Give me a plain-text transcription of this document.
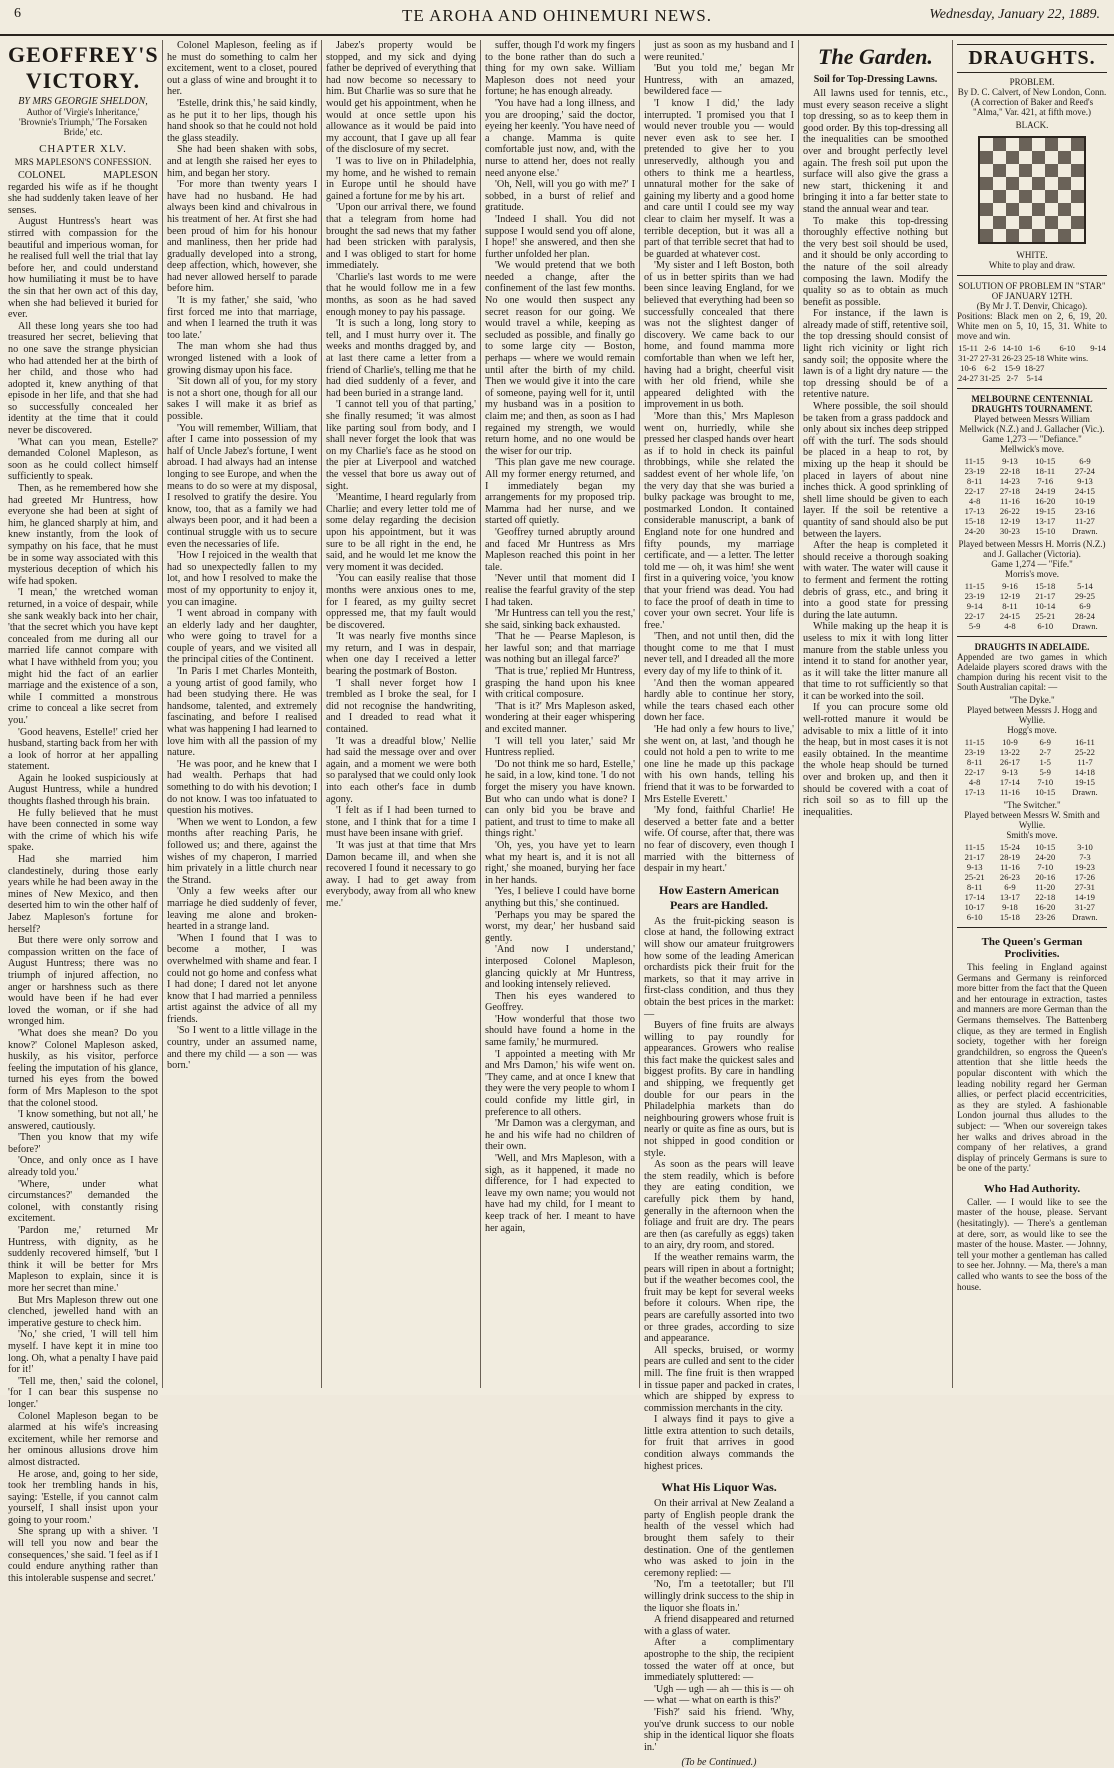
6	TE AROHA AND OHINEMURI NEWS.	Wednesday, January 22, 1889.
GEOFFREY'S VICTORY.
BY MRS GEORGIE SHELDON,
Author of 'Virgie's Inheritance,' 'Brownie's Triumph,' 'The Forsaken Bride,' etc.
CHAPTER XLV.
MRS MAPLESON'S CONFESSION.

COLONEL MAPLESON regarded his wife as if he thought she had suddenly taken leave of her senses.

August Huntress's heart was stirred with compassion for the beautiful and imperious woman, for he realised full well the trial that lay before her, and could understand how humiliating it must be to have the sin that her own act of this day, when she had believed it buried for ever.

All these long years she too had treasured her secret, believing that no one save the strange physician who had attended her at the birth of her child, and those who had adopted it, knew anything of that episode in her life, and that she had so successfully concealed her identity at the time that it could never be discovered.

'What can you mean, Estelle?' demanded Colonel Mapleson, as soon as he could collect himself sufficiently to speak.

Then, as he remembered how she had greeted Mr Huntress, how everyone she had been at sight of him, he glanced sharply at him, and knew instantly, from the look of sympathy on his face, that he must be in some way associated with this mysterious deception of which his wife had spoken.

'I mean,' the wretched woman returned, in a voice of despair, while she sank weakly back into her chair, 'that the secret which you have kept concealed from me during all our married life cannot compare with what I have withheld from you; you might hid the fact of an earlier marriage and the existence of a son, while I committed a monstrous crime to conceal a like secret from you.'

'Good heavens, Estelle!' cried her husband, starting back from her with a look of horror at her appalling statement.

Again he looked suspiciously at August Huntress, while a hundred thoughts flashed through his brain.

He fully believed that he must have been connected in some way with the crime of which his wife spake.

Had she married him clandestinely, during those early years while he had been away in the mines of New Mexico, and then deserted him to win the other half of Jabez Mapleson's fortune for herself?

But there were only sorrow and compassion written on the face of August Huntress; there was no triumph of injured affection, no anger or harshness such as there would have been if he had ever loved the woman, or if she had wronged him.

'What does she mean? Do you know?' Colonel Mapleson asked, huskily, as his visitor, perforce feeling the imputation of his glance, turned his eyes from the bowed form of Mrs Mapleson to the spot that the colonel stood.

'I know something, but not all,' he answered, cautiously.

'Then you know that my wife before?'

'Once, and only once as I have already told you.'

'Where, under what circumstances?' demanded the colonel, with constantly rising excitement.

'Pardon me,' returned Mr Huntress, with dignity, as he suddenly recovered himself, 'but I think it will be better for Mrs Mapleson to explain, since it is more her secret than mine.'

But Mrs Mapleson threw out one clenched, jewelled hand with an imperative gesture to check him.

'No,' she cried, 'I will tell him myself. I have kept it in mine too long. Oh, what a penalty I have paid for it!'

'Tell me, then,' said the colonel, 'for I can bear this suspense no longer.'

Colonel Mapleson began to be alarmed at his wife's increasing excitement, while her remorse and her ominous allusions drove him almost distracted.

He arose, and, going to her side, took her trembling hands in his, saying: 'Estelle, if you cannot calm yourself, I shall insist upon your going to your room.'

She sprang up with a shiver. 'I will tell you now and bear the consequences,' she said. 'I feel as if I could endure anything rather than this intolerable suspense and secret.'

Colonel Mapleson, feeling as if he must do something to calm her excitement, went to a closet, poured out a glass of wine and brought it to her.

'Estelle, drink this,' he said kindly, as he put it to her lips, though his hand shook so that he could not hold the glass steadily.

She had been shaken with sobs, and at length she raised her eyes to him, and began her story.

'For more than twenty years I have had no husband. He had always been kind and chivalrous in his treatment of her. At first she had been proud of him for his honour and manliness, then her pride had gradually developed into a strong, deep affection, which, however, she had never allowed herself to parade before him.

'It is my father,' she said, 'who first forced me into that marriage, and when I learned the truth it was too late.'

The man whom she had thus wronged listened with a look of growing dismay upon his face.

'Sit down all of you, for my story is not a short one, though for all our sakes I will make it as brief as possible.

'You will remember, William, that after I came into possession of my half of Uncle Jabez's fortune, I went abroad. I had always had an intense longing to see Europe, and when the means to do so were at my disposal, I resolved to gratify the desire. You know, too, that as a family we had always been poor, and it had been a continual struggle with us to secure even the necessaries of life.

'How I rejoiced in the wealth that had so unexpectedly fallen to my lot, and how I resolved to make the most of my opportunity to enjoy it, you can imagine.

'I went abroad in company with an elderly lady and her daughter, who were going to travel for a couple of years, and we visited all the principal cities of the Continent.

'In Paris I met Charles Monteith, a young artist of good family, who had been studying there. He was handsome, talented, and extremely fascinating, and before I realised what was happening I had learned to love him with all the passion of my nature.

'He was poor, and he knew that I had wealth. Perhaps that had something to do with his devotion; I do not know. I was too infatuated to question his motives.

'When we went to London, a few months after reaching Paris, he followed us; and there, against the wishes of my chaperon, I married him privately in a little church near the Strand.

'Only a few weeks after our marriage he died suddenly of fever, leaving me alone and broken-hearted in a strange land.

'When I found that I was to become a mother, I was overwhelmed with shame and fear. I could not go home and confess what I had done; I dared not let anyone know that I had married a penniless artist against the advice of all my friends.

'So I went to a little village in the country, under an assumed name, and there my child — a son — was born.'

Jabez's property would be stopped, and my sick and dying father be deprived of everything that had now become so necessary to him. But Charlie was so sure that he would get his appointment, when he would at once settle upon his allowance as it would be paid into my account, that I gave up all fear of the disclosure of my secret.

'I was to live on in Philadelphia, my home, and he wished to remain in Europe until he should have gained a fortune for me by his art.

'Upon our arrival there, we found that a telegram from home had brought the sad news that my father had been stricken with paralysis, and I was obliged to start for home immediately.

'Charlie's last words to me were that he would follow me in a few months, as soon as he had saved enough money to pay his passage.

'It is such a long, long story to tell, and I must hurry over it. The weeks and months dragged by, and at last there came a letter from a friend of Charlie's, telling me that he had died suddenly of a fever, and had been buried in a strange land.

'I cannot tell you of that parting,' she finally resumed; 'it was almost like parting soul from body, and I shall never forget the look that was on my Charlie's face as he stood on the pier at Liverpool and watched the vessel that bore us away out of sight.

'Meantime, I heard regularly from Charlie; and every letter told me of some delay regarding the decision upon his appointment, but it was sure to be all right in the end, he said, and he would let me know the very moment it was decided.

'You can easily realise that those months were anxious ones to me, for I feared, as my guilty secret oppressed me, that my fault would be discovered.

'It was nearly five months since my return, and I was in despair, when one day I received a letter bearing the postmark of Boston.

'I shall never forget how I trembled as I broke the seal, for I did not recognise the handwriting, and I dreaded to read what it contained.

'It was a dreadful blow,' Nellie had said the message over and over again, and a moment we were both so paralysed that we could only look into each other's face in dumb agony.

'I felt as if I had been turned to stone, and I think that for a time I must have been insane with grief.

'It was just at that time that Mrs Damon became ill, and when she recovered I found it necessary to go away. I had to get away from everybody, away from all who knew me.'

suffer, though I'd work my fingers to the bone rather than do such a thing for my own sake. William Mapleson does not need your fortune; he has enough already.

'You have had a long illness, and you are drooping,' said the doctor, eyeing her keenly. 'You have need of a change. Mamma is quite comfortable just now, and, with the nurse to attend her, does not really need anyone else.'

'Oh, Nell, will you go with me?' I sobbed, in a burst of relief and gratitude.

'Indeed I shall. You did not suppose I would send you off alone, I hope!' she answered, and then she further unfolded her plan.

'We would pretend that we both needed a change, after the confinement of the last few months. No one would then suspect any secret reason for our going. We would travel a while, keeping as secluded as possible, and finally go to some large city — Boston, perhaps — where we would remain until after the birth of my child. Then we would give it into the care of someone, paying well for it, until my husband was in a position to claim me; and then, as soon as I had regained my strength, we would return home, and no one would be the wiser for our trip.

'This plan gave me new courage. All my former energy returned, and I immediately began my arrangements for my proposed trip. Mamma had her nurse, and we started off quietly.

'Geoffrey turned abruptly around and faced Mr Huntress as Mrs Mapleson reached this point in her tale.

'Never until that moment did I realise the fearful gravity of the step I had taken.

'Mr Huntress can tell you the rest,' she said, sinking back exhausted.

'That he — Pearse Mapleson, is her lawful son; and that marriage was nothing but an illegal farce?'

'That is true,' replied Mr Huntress, grasping the hand upon his knee with critical composure.

'That is it?' Mrs Mapleson asked, wondering at their eager whispering and excited manner.

'I will tell you later,' said Mr Huntress replied.

'Do not think me so hard, Estelle,' he said, in a low, kind tone. 'I do not forget the misery you have known. But who can undo what is done? I can only bid you be brave and patient, and trust to time to make all things right.'

'Oh, yes, you have yet to learn what my heart is, and it is not all right,' she moaned, burying her face in her hands.

'Yes, I believe I could have borne anything but this,' she continued.

'Perhaps you may be spared the worst, my dear,' her husband said gently.

'And now I understand,' interposed Colonel Mapleson, glancing quickly at Mr Huntress, and looking intensely relieved.

Then his eyes wandered to Geoffrey.

'How wonderful that those two should have found a home in the same family,' he murmured.

'I appointed a meeting with Mr and Mrs Damon,' his wife went on. 'They came, and at once I knew that they were the very people to whom I could confide my little girl, in preference to all others.

'Mr Damon was a clergyman, and he and his wife had no children of their own.

'Well, and Mrs Mapleson, with a sigh, as it happened, it made no difference, for I had expected to leave my own name; you would not have had my child, for I meant to keep track of her. I meant to have her again,

just as soon as my husband and I were reunited.'

'But you told me,' began Mr Huntress, with an amazed, bewildered face —

'I know I did,' the lady interrupted. 'I promised you that I would never trouble you — would never even ask to see her. I pretended to give her to you unreservedly, although you and others to think me a heartless, unnatural mother for the sake of gaining my liberty and a good home and care until I could see my way clear to claim her myself. It was a terrible deception, but it was all a part of that terrible secret that had to be guarded at whatever cost.

'My sister and I left Boston, both of us in better spirits than we had been since leaving England, for we believed that everything had been so successfully concealed that there was not the slightest danger of discovery. We came back to our home, and found mamma more comfortable than when we left her, having had a bright, cheerful visit with her old friend, while she appeared delighted with the improvement in us both.

'More than this,' Mrs Mapleson went on, hurriedly, while she pressed her clasped hands over heart as if to hold in check its painful throbbings, while she related the saddest event of her whole life, 'on the very day that she was buried a bulky package was brought to me, postmarked London. It contained considerable manuscript, a bank of England note for one hundred and fifty pounds, my marriage certificate, and — a letter. The letter told me — oh, it was him! she went first in a quivering voice, 'you know that your friend was dead. You had to face the proof of death in time to cover your own secret. Your life is free.'

'Then, and not until then, did the thought come to me that I must never tell, and I dreaded all the more every day of my life to think of it.

'And then the woman appeared hardly able to continue her story, while the tears chased each other down her face.

'He had only a few hours to live,' she went on, at last, 'and though he could not hold a pen to write to me one line he made up this package with his own hands, telling his friend that it was to be forwarded to Mrs Estelle Everett.'

'My fond, faithful Charlie! He deserved a better fate and a better wife. Of course, after that, there was no fear of discovery, even though I married with the bitterness of despair in my heart.'

How Eastern American Pears are Handled.

As the fruit-picking season is close at hand, the following extract will show our amateur fruitgrowers how some of the leading American orchardists pick their fruit for the markets, so that it may arrive in first-class condition, and thus they obtain the best prices in the market: —

Buyers of fine fruits are always willing to pay roundly for appearances. Growers who realise this fact make the quickest sales and biggest profits. By care in handling and shipping, we frequently get double for our pears in the Philadelphia markets than do neighbouring growers whose fruit is nearly or quite as fine as ours, but is not shipped in good condition or style.

As soon as the pears will leave the stem readily, which is before they are eating condition, we carefully pick them by hand, generally in the afternoon when the foliage and fruit are dry. The pears are then (as carefully as eggs) taken to an airy, dry room, and stored.

If the weather remains warm, the pears will ripen in about a fortnight; but if the weather becomes cool, the fruit may be kept for several weeks before it colours. When ripe, the pears are carefully assorted into two or three grades, according to size and appearance.

All specks, bruised, or wormy pears are culled and sent to the cider mill. The fine fruit is then wrapped in tissue paper and packed in crates, which are shipped by express to commission merchants in the city.

I always find it pays to give a little extra attention to such details, for fruit that arrives in good condition always commands the highest prices.

What His Liquor Was.

On their arrival at New Zealand a party of English people drank the health of the vessel which had brought them safely to their destination. One of the gentlemen who was asked to join in the ceremony replied: —

'No, I'm a teetotaller; but I'll willingly drink success to the ship in the liquor she floats in.'

A friend disappeared and returned with a glass of water.

After a complimentary apostrophe to the ship, the recipient tossed the water off at once, but immediately spluttered: —

'Ugh — ugh — ah — this is — oh — what — what on earth is this?'

'Fish?' said his friend. 'Why, you've drunk success to our noble ship in the identical liquor she floats in.'

(To be Continued.)
The Garden.
Soil for Top-Dressing Lawns.

All lawns used for tennis, etc., must every season receive a slight top dressing, so as to keep them in good order. By this top-dressing all the inequalities can be smoothed over and brought perfectly level again. The fresh soil put upon the surface will also give the grass a new start, thickening it and bringing it into a far better state to stand the annual wear and tear.

To make this top-dressing thoroughly effective nothing but the very best soil should be used, and it should be only according to the nature of the soil already composing the lawn. Modify the quality so as to obtain as much benefit as possible.

For instance, if the lawn is already made of stiff, retentive soil, the top dressing should consist of light rich vicinity or light rich sandy soil; the opposite where the lawn is of a light dry nature — the top dressing should be of a retentive nature.

Where possible, the soil should be taken from a grass paddock and only about six inches deep stripped off with the turf. The sods should be placed in a heap to rot, by mixing up the heap it should be placed in layers of about nine inches thick. A good sprinkling of shell lime should be given to each layer. If the soil be retentive a quantity of sand should also be put between the layers.

After the heap is completed it should receive a thorough soaking with water. The water will cause it to ferment and ferment the rotting debris of grass, etc., and bring it into a good state for pressing during the late autumn.

While making up the heap it is useless to mix it with long litter manure from the stable unless you intend it to stand for another year, as it will take the litter manure all that time to rot sufficiently so that it can be worked into the soil.

If you can procure some old well-rotted manure it would be advisable to mix a little of it into the heap, but in most cases it is not easily obtained. In the meantime the whole heap should be turned over and broken up, and then it should be covered with a coat of rich soil so as to fill up the inequalities.

DRAUGHTS.
PROBLEM.
By D. C. Calvert, of New London, Conn.
(A correction of Baker and Reed's "Alma," Var. 421, at fifth move.)
BLACK.
WHITE.
White to play and draw.
SOLUTION OF PROBLEM IN "STAR" OF JANUARY 12TH.
(By Mr J. T. Denvir, Chicago).
Positions: Black men on 2, 6, 19, 20. White men on 5, 10, 15, 31. White to move and win.
15-11	2-6	14-10	1-6	6-10	9-14
31-27	27-31	26-23	25-18	White wins.	
10-6	6-2	15-9	18-27		
24-27	31-25	2-7	5-14		
MELBOURNE CENTENNIAL DRAUGHTS TOURNAMENT.
Played between Messrs William Mellwick (N.Z.) and J. Gallacher (Vic.).
Game 1,273 — "Defiance."
Mellwick's move.
11-15	9-13	10-15	6-9
23-19	22-18	18-11	27-24
8-11	14-23	7-16	9-13
22-17	27-18	24-19	24-15
4-8	11-16	16-20	10-19
17-13	26-22	19-15	23-16
15-18	12-19	13-17	11-27
24-20	30-23	15-10	Drawn.
Played between Messrs H. Morris (N.Z.) and J. Gallacher (Victoria).
Game 1,274 — "Fife."
Morris's move.
11-15	9-16	15-18	5-14
23-19	12-19	21-17	29-25
9-14	8-11	10-14	6-9
22-17	24-15	25-21	28-24
5-9	4-8	6-10	Drawn.
DRAUGHTS IN ADELAIDE.
Appended are two games in which Adelaide players scored draws with the champion during his recent visit to the South Australian capital: —
"The Dyke."
Played between Messrs J. Hogg and Wyllie.
Hogg's move.
11-15	10-9	6-9	16-11
23-19	13-22	2-7	25-22
8-11	26-17	1-5	11-7
22-17	9-13	5-9	14-18
4-8	17-14	7-10	19-15
17-13	11-16	10-15	Drawn.
"The Switcher."
Played between Messrs W. Smith and Wyllie.
Smith's move.
11-15	15-24	10-15	3-10
21-17	28-19	24-20	7-3
9-13	11-16	7-10	19-23
25-21	26-23	20-16	17-26
8-11	6-9	11-20	27-31
17-14	13-17	22-18	14-19
10-17	9-18	16-20	31-27
6-10	15-18	23-26	Drawn.
The Queen's German Proclivities.

This feeling in England against Germans and Germany is reinforced more bitter from the fact that the Queen and her entourage in extraction, tastes and manners are more German than the Germans themselves. The Battenberg clique, as they are termed in English society, together with her foreign grandchildren, so engross the Queen's attention that she little heeds the popular discontent with which the leading nobility regard her German allies, or perfect placid eccentricities, as they are styled. A fashionable London journal thus alludes to the subject: — 'When our sovereign takes her walks and drives abroad in the company of her relatives, a grand display of princely Germans is sure to be one of the party.'

Who Had Authority.

Caller. — I would like to see the master of the house, please. Servant (hesitatingly). — There's a gentleman at dere, sorr, as would like to see the master of the house. Master. — Johnny, tell your mother a gentleman has called to see her. Johnny. — Ma, there's a man called who wants to see the boss of the house.
